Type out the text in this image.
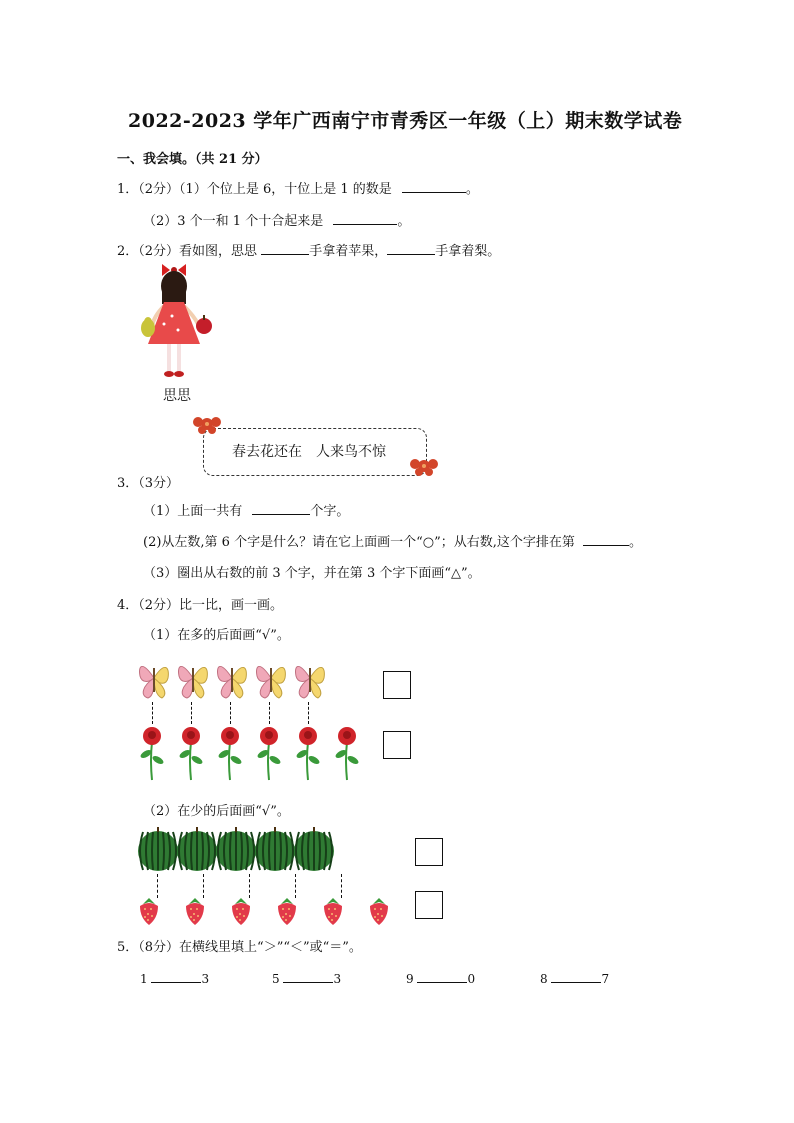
2022-2023 学年广西南宁市青秀区一年级（上）期末数学试卷
一、我会填。（共 21 分）
1．（2分）（1）个位上是 6，十位上是 1 的数是	。
（2）3 个一和 1 个十合起来是	。
2．（2分）看如图，思思	手拿着苹果，	手拿着梨。
思思
春去花还在　人来鸟不惊
3．（3分）
（1）上面一共有	个字。
(2)从左数,第 6 个字是什么？请在它上面画一个“○”；从右数,这个字排在第	。
（3）圈出从右数的前 3 个字，并在第 3 个字下面画“△”。
4．（2分）比一比，画一画。
（1）在多的后面画“√”。
（2）在少的后面画“√”。
5．（8分）在横线里填上“＞”“＜”或“＝”。
1	3	5	3	9	0	8	7
